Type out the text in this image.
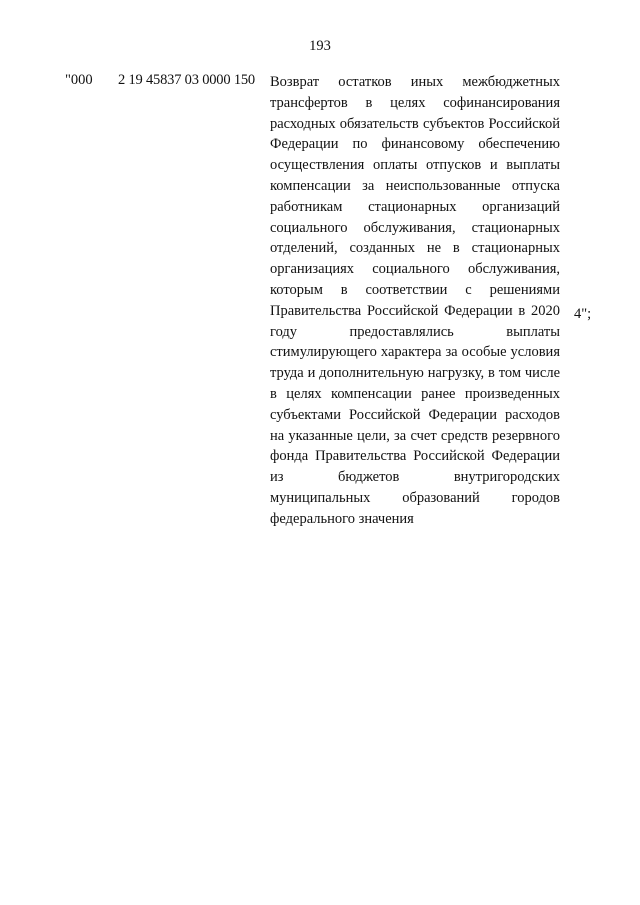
193
"000 2 19 45837 03 0000 150 Возврат остатков иных межбюджетных трансфертов в целях софинансирования расходных обязательств субъектов Российской Федерации по финансовому обеспечению осуществления оплаты отпусков и выплаты компенсации за неиспользованные отпуска работникам стационарных организаций социального обслуживания, стационарных отделений, созданных не в стационарных организациях социального обслуживания, которым в соответствии с решениями Правительства Российской Федерации в 2020 году предоставлялись выплаты стимулирующего характера за особые условия труда и дополнительную нагрузку, в том числе в целях компенсации ранее произведенных субъектами Российской Федерации расходов на указанные цели, за счет средств резервного фонда Правительства Российской Федерации из бюджетов внутригородских муниципальных образований городов федерального значения
4";
